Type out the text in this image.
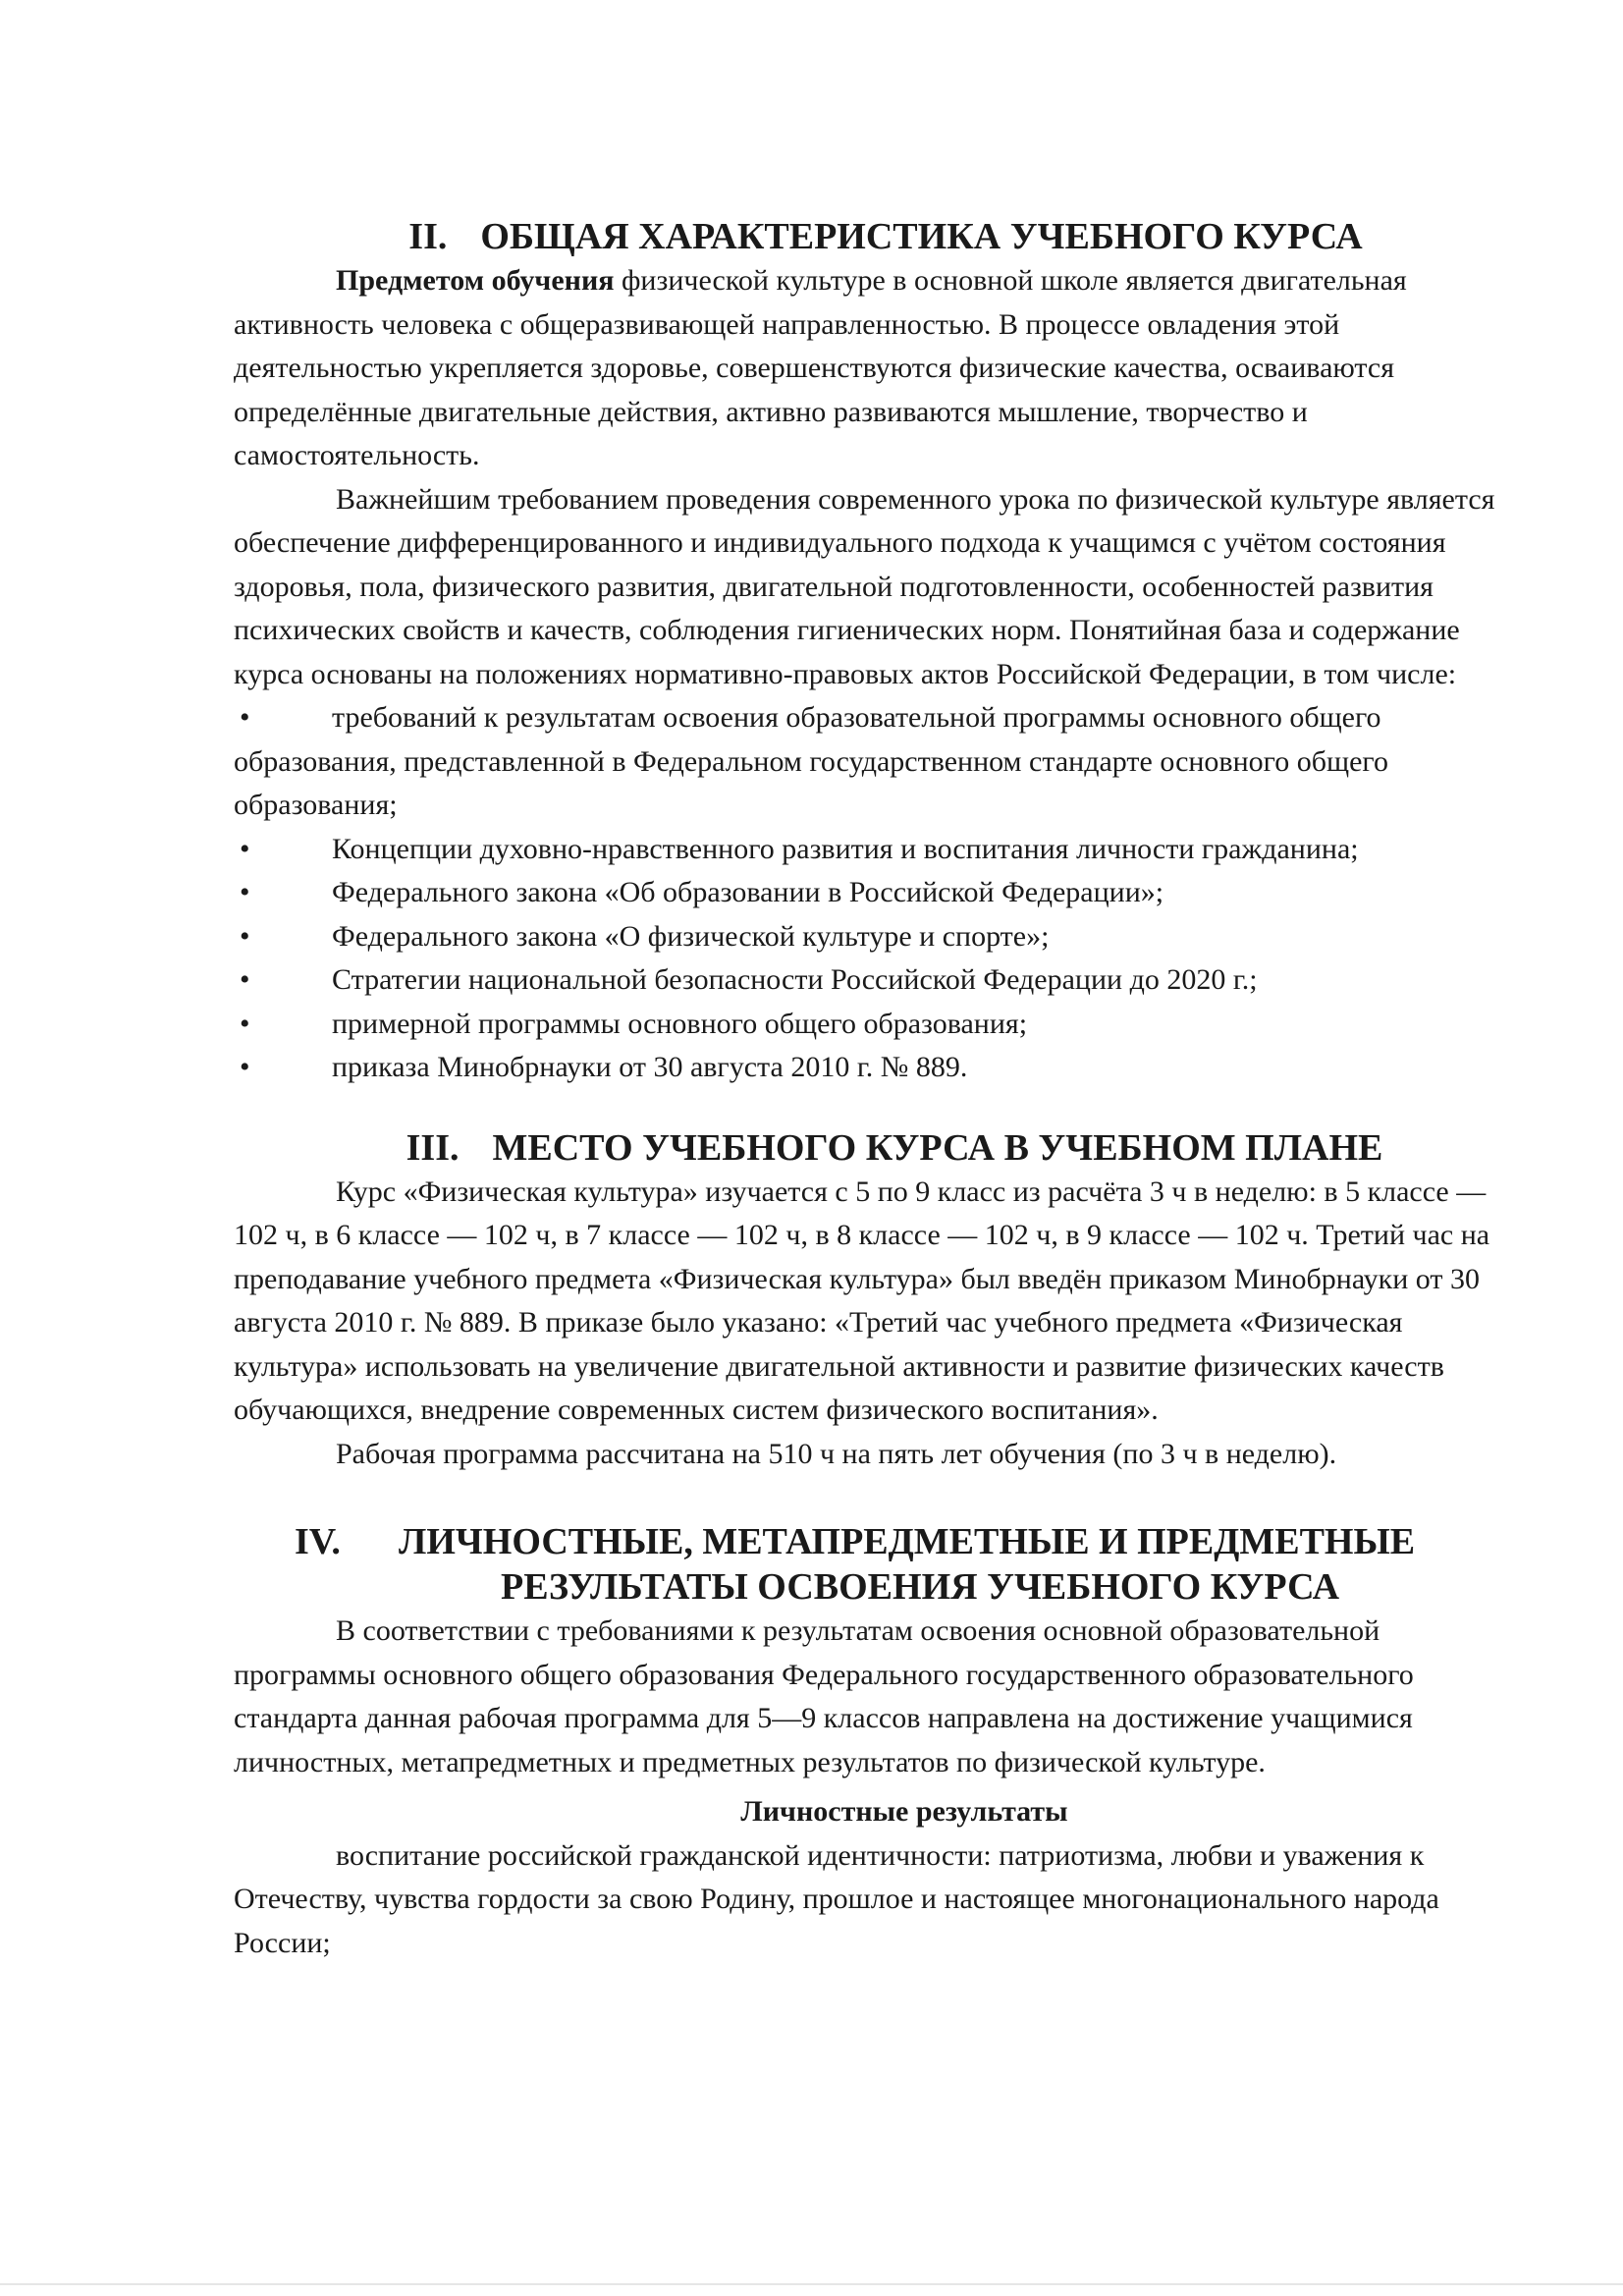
II. ОБЩАЯ ХАРАКТЕРИСТИКА УЧЕБНОГО КУРСА

Предметом обучения физической культуре в основной школе является двигательная активность человека с общеразвивающей направленностью. В процессе овладения этой деятельностью укрепляется здоровье, совершенствуются физические качества, осваиваются определённые двигательные действия, активно развиваются мышление, творчество и самостоятельность.

Важнейшим требованием проведения современного урока по физической культуре является обеспечение дифференцированного и индивидуального подхода к учащимся с учётом состояния здоровья, пола, физического развития, двигательной подготовленности, особенностей развития психических свойств и качеств, соблюдения гигиенических норм. Понятийная база и содержание курса основаны на положениях нормативно-правовых актов Российской Федерации, в том числе:

•	требований к результатам освоения образовательной программы основного общего образования, представленной в Федеральном государственном стандарте основного общего образования;
•	Концепции духовно-нравственного развития и воспитания личности гражданина;
•	Федерального закона «Об образовании в Российской Федерации»;
•	Федерального закона «О физической культуре и спорте»;
•	Стратегии национальной безопасности Российской Федерации до 2020 г.;
•	примерной программы основного общего образования;
•	приказа Минобрнауки от 30 августа 2010 г. № 889.
III. МЕСТО УЧЕБНОГО КУРСА В УЧЕБНОМ ПЛАНЕ

Курс «Физическая культура» изучается с 5 по 9 класс из расчёта 3 ч в неделю: в 5 классе — 102 ч, в 6 классе — 102 ч, в 7 классе — 102 ч, в 8 классе — 102 ч, в 9 классе — 102 ч. Третий час на преподавание учебного предмета «Физическая культура» был введён приказом Минобрнауки от 30 августа 2010 г. № 889. В приказе было указано: «Третий час учебного предмета «Физическая культура» использовать на увеличение двигательной активности и развитие физических качеств обучающихся, внедрение современных систем физического воспитания».

Рабочая программа рассчитана на 510 ч на пять лет обучения (по 3 ч в неделю).

IV.	ЛИЧНОСТНЫЕ, МЕТАПРЕДМЕТНЫЕ И ПРЕДМЕТНЫЕ
РЕЗУЛЬТАТЫ ОСВОЕНИЯ УЧЕБНОГО КУРСА

В соответствии с требованиями к результатам освоения основной образовательной программы основного общего образования Федерального государственного образовательного стандарта данная рабочая программа для 5—9 классов направлена на достижение учащимися личностных, метапредметных и предметных результатов по физической культуре.

Личностные результаты

воспитание российской гражданской идентичности: патриотизма, любви и уважения к Отечеству, чувства гордости за свою Родину, прошлое и настоящее многонационального народа России;
